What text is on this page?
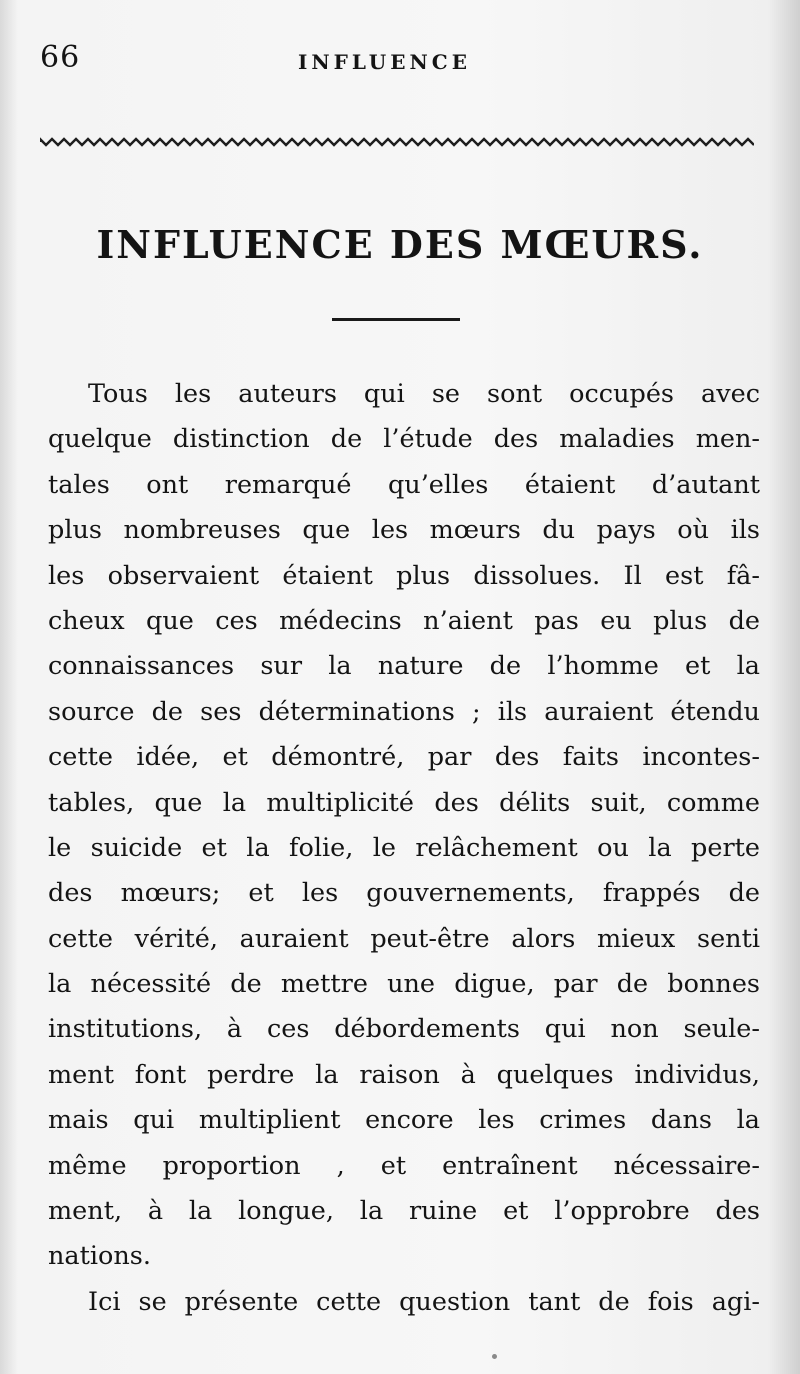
66	INFLUENCE
INFLUENCE DES MŒURS.
Tous les auteurs qui se sont occupés avec
quelque distinction de l’étude des maladies men-
tales ont remarqué qu’elles étaient d’autant
plus nombreuses que les mœurs du pays où ils
les observaient étaient plus dissolues. Il est fâ-
cheux que ces médecins n’aient pas eu plus de
connaissances sur la nature de l’homme et la
source de ses déterminations ; ils auraient étendu
cette idée, et démontré, par des faits incontes-
tables, que la multiplicité des délits suit, comme
le suicide et la folie, le relâchement ou la perte
des mœurs; et les gouvernements, frappés de
cette vérité, auraient peut-être alors mieux senti
la nécessité de mettre une digue, par de bonnes
institutions, à ces débordements qui non seule-
ment font perdre la raison à quelques individus,
mais qui multiplient encore les crimes dans la
même proportion , et entraînent nécessaire-
ment, à la longue, la ruine et l’opprobre des
nations.
Ici se présente cette question tant de fois agi-
